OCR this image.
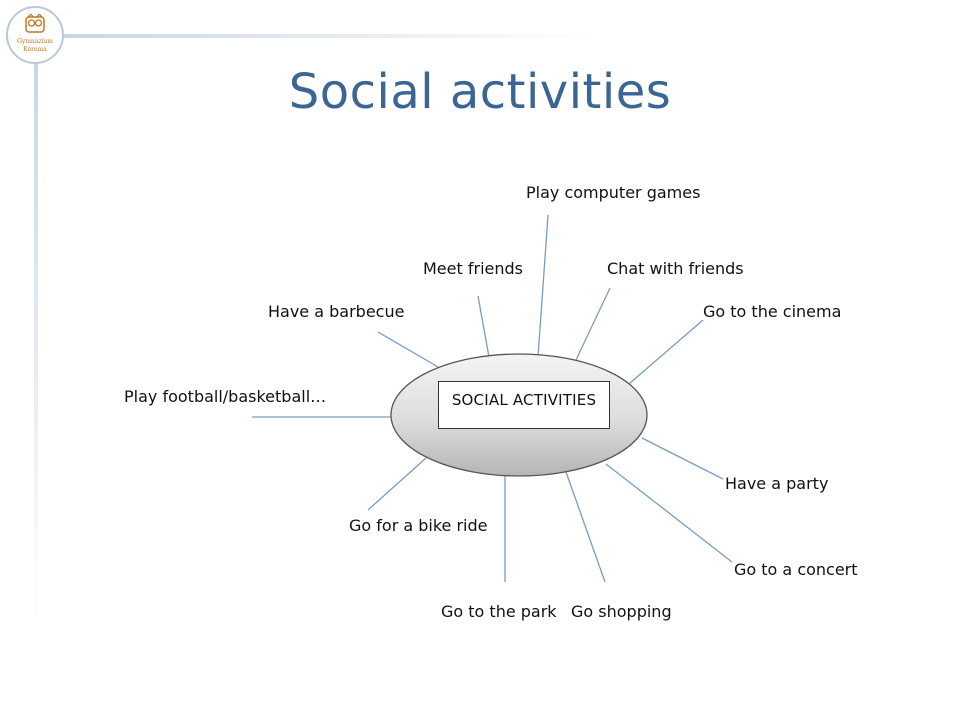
Gymnázium
Korema
Social activities
SOCIAL ACTIVITIES
Play computer games
Meet friends	Chat with friends
Have a barbecue	Go to the cinema
Play football/basketball…
Have a party
Go for a bike ride
Go to a concert
Go to the park Go shopping
